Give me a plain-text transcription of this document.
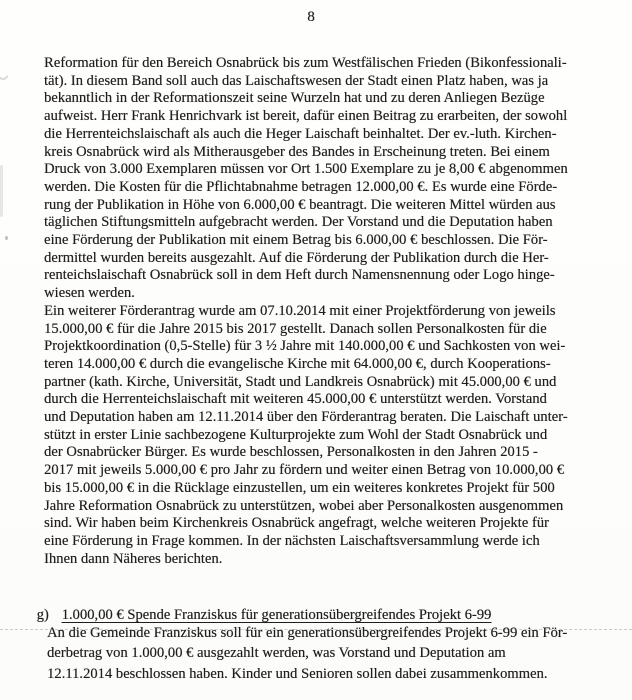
8
Reformation für den Bereich Osnabrück bis zum Westfälischen Frieden (Bikonfessionali-
tät). In diesem Band soll auch das Laischaftswesen der Stadt einen Platz haben, was ja
bekanntlich in der Reformationszeit seine Wurzeln hat und zu deren Anliegen Bezüge
aufweist. Herr Frank Henrichvark ist bereit, dafür einen Beitrag zu erarbeiten, der sowohl
die Herrenteichslaischaft als auch die Heger Laischaft beinhaltet. Der ev.-luth. Kirchen-
kreis Osnabrück wird als Mitherausgeber des Bandes in Erscheinung treten. Bei einem
Druck von 3.000 Exemplaren müssen vor Ort 1.500 Exemplare zu je 8,00 € abgenommen
werden. Die Kosten für die Pflichtabnahme betragen 12.000,00 €. Es wurde eine Förde-
rung der Publikation in Höhe von 6.000,00 € beantragt. Die weiteren Mittel würden aus
täglichen Stiftungsmitteln aufgebracht werden. Der Vorstand und die Deputation haben
eine Förderung der Publikation mit einem Betrag bis 6.000,00 € beschlossen. Die För-
dermittel wurden bereits ausgezahlt. Auf die Förderung der Publikation durch die Her-
renteichslaischaft Osnabrück soll in dem Heft durch Namensnennung oder Logo hinge-
wiesen werden.
Ein weiterer Förderantrag wurde am 07.10.2014 mit einer Projektförderung von jeweils
15.000,00 € für die Jahre 2015 bis 2017 gestellt. Danach sollen Personalkosten für die
Projektkoordination (0,5-Stelle) für 3 ½ Jahre mit 140.000,00 € und Sachkosten von wei-
teren 14.000,00 € durch die evangelische Kirche mit 64.000,00 €, durch Kooperations-
partner (kath. Kirche, Universität, Stadt und Landkreis Osnabrück) mit 45.000,00 € und
durch die Herrenteichslaischaft mit weiteren 45.000,00 € unterstützt werden. Vorstand
und Deputation haben am 12.11.2014 über den Förderantrag beraten. Die Laischaft unter-
stützt in erster Linie sachbezogene Kulturprojekte zum Wohl der Stadt Osnabrück und
der Osnabrücker Bürger. Es wurde beschlossen, Personalkosten in den Jahren 2015 -
2017 mit jeweils 5.000,00 € pro Jahr zu fördern und weiter einen Betrag von 10.000,00 €
bis 15.000,00 € in die Rücklage einzustellen, um ein weiteres konkretes Projekt für 500
Jahre Reformation Osnabrück zu unterstützen, wobei aber Personalkosten ausgenommen
sind. Wir haben beim Kirchenkreis Osnabrück angefragt, welche weiteren Projekte für
eine Förderung in Frage kommen. In der nächsten Laischaftsversammlung werde ich
Ihnen dann Näheres berichten.

g) 1.000,00 € Spende Franziskus für generationsübergreifendes Projekt 6-99

An die Gemeinde Franziskus soll für ein generationsübergreifendes Projekt 6-99 ein För-
derbetrag von 1.000,00 € ausgezahlt werden, was Vorstand und Deputation am
12.11.2014 beschlossen haben. Kinder und Senioren sollen dabei zusammenkommen.
